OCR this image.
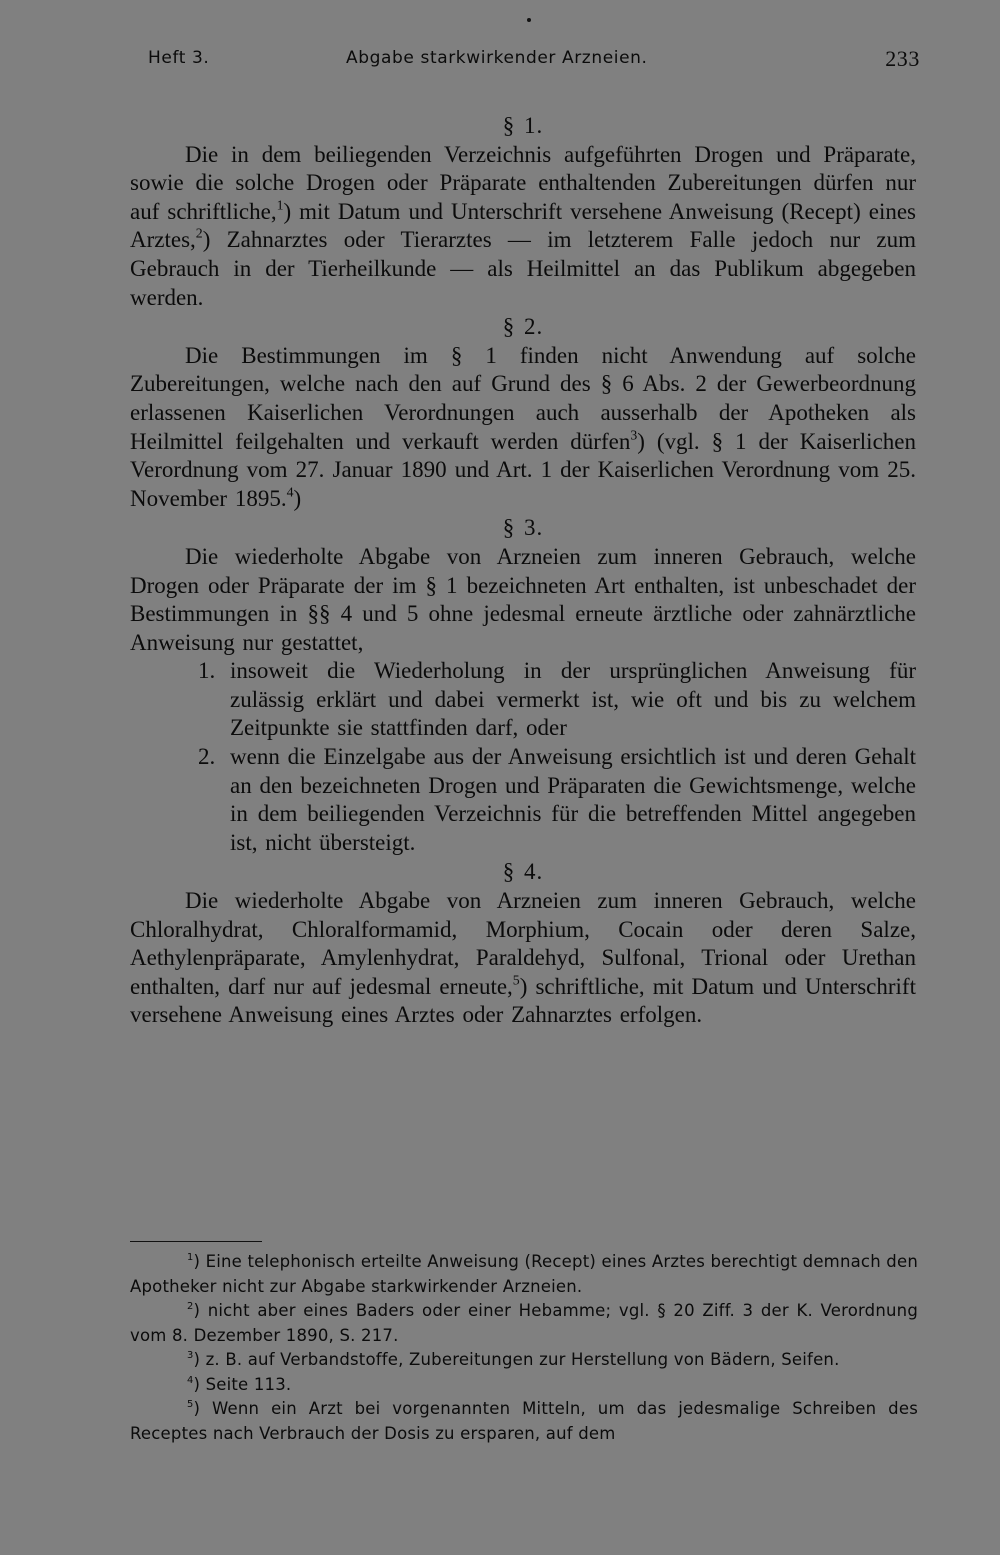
Heft 3.	Abgabe starkwirkender Arzneien.	233

§ 1.

Die in dem beiliegenden Verzeichnis aufgeführten Drogen und Präparate, sowie die solche Drogen oder Präparate enthaltenden Zubereitungen dürfen nur auf schriftliche,$^1$) mit Datum und Unterschrift versehene Anweisung (Recept) eines Arztes,$^2$) Zahnarztes oder Tierarztes — im letzterem Falle jedoch nur zum Gebrauch in der Tierheilkunde — als Heilmittel an das Publikum abgegeben werden.

§ 2.

Die Bestimmungen im § 1 finden nicht Anwendung auf solche Zubereitungen, welche nach den auf Grund des § 6 Abs. 2 der Gewerbeordnung erlassenen Kaiserlichen Verordnungen auch ausserhalb der Apotheken als Heilmittel feilgehalten und verkauft werden dürfen$^3$) (vgl. § 1 der Kaiserlichen Verordnung vom 27. Januar 1890 und Art. 1 der Kaiserlichen Verordnung vom 25. November 1895.$^4$)

§ 3.

Die wiederholte Abgabe von Arzneien zum inneren Gebrauch, welche Drogen oder Präparate der im § 1 bezeichneten Art enthalten, ist unbeschadet der Bestimmungen in §§ 4 und 5 ohne jedesmal erneute ärztliche oder zahnärztliche Anweisung nur gestattet,

1. insoweit die Wiederholung in der ursprünglichen Anweisung für zulässig erklärt und dabei vermerkt ist, wie oft und bis zu welchem Zeitpunkte sie stattfinden darf, oder
2. wenn die Einzelgabe aus der Anweisung ersichtlich ist und deren Gehalt an den bezeichneten Drogen und Präparaten die Gewichtsmenge, welche in dem beiliegenden Verzeichnis für die betreffenden Mittel angegeben ist, nicht übersteigt.

§ 4.

Die wiederholte Abgabe von Arzneien zum inneren Gebrauch, welche Chloralhydrat, Chloralformamid, Morphium, Cocain oder deren Salze, Aethylenpräparate, Amylenhydrat, Paraldehyd, Sulfonal, Trional oder Urethan enthalten, darf nur auf jedesmal erneute,$^5$) schriftliche, mit Datum und Unterschrift versehene Anweisung eines Arztes oder Zahnarztes erfolgen.

$^1$) Eine telephonisch erteilte Anweisung (Recept) eines Arztes berechtigt demnach den Apotheker nicht zur Abgabe starkwirkender Arzneien.

$^2$) nicht aber eines Baders oder einer Hebamme; vgl. § 20 Ziff. 3 der K. Verordnung vom 8. Dezember 1890, S. 217.

$^3$) z. B. auf Verbandstoffe, Zubereitungen zur Herstellung von Bädern, Seifen.

$^4$) Seite 113.

$^5$) Wenn ein Arzt bei vorgenannten Mitteln, um das jedesmalige Schreiben des Receptes nach Verbrauch der Dosis zu ersparen, auf dem
